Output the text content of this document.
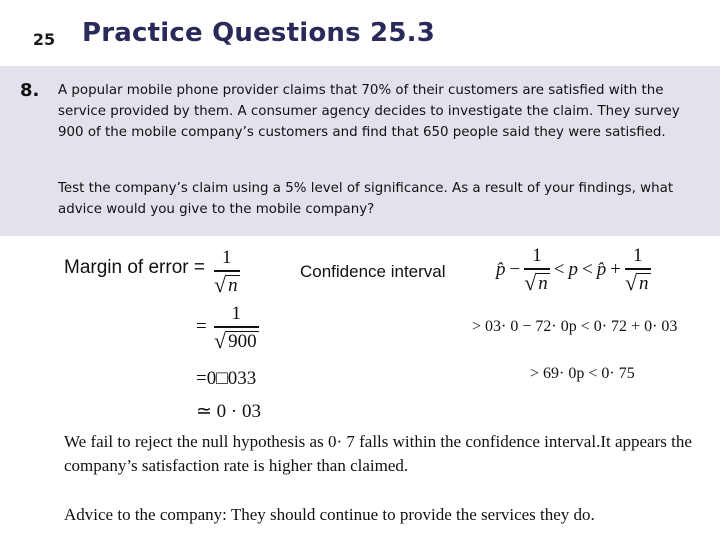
25	Practice Questions 25.3
8. A popular mobile phone provider claims that 70% of their customers are satisfied with the service provided by them. A consumer agency decides to investigate the claim. They survey 900 of the mobile company’s customers and find that 650 people said they were satisfied.

Test the company’s claim using a 5% level of significance. As a result of your findings, what advice would you give to the mobile company?

Margin of error = 1
√ n
=
1
√ 900
=0□033
≃ 0 · 03
Confidence interval	p̂ − $\frac{1}{√ n} < p$ < p̂ + $\frac{1}{√ n}$
> 03· 0 − 72· 0p < 0· 72 + 0· 03
> 69· 0p < 0· 75

We fail to reject the null hypothesis as 0· 7 falls within the confidence interval.It appears the company’s satisfaction rate is higher than claimed.

Advice to the company: They should continue to provide the services they do.
